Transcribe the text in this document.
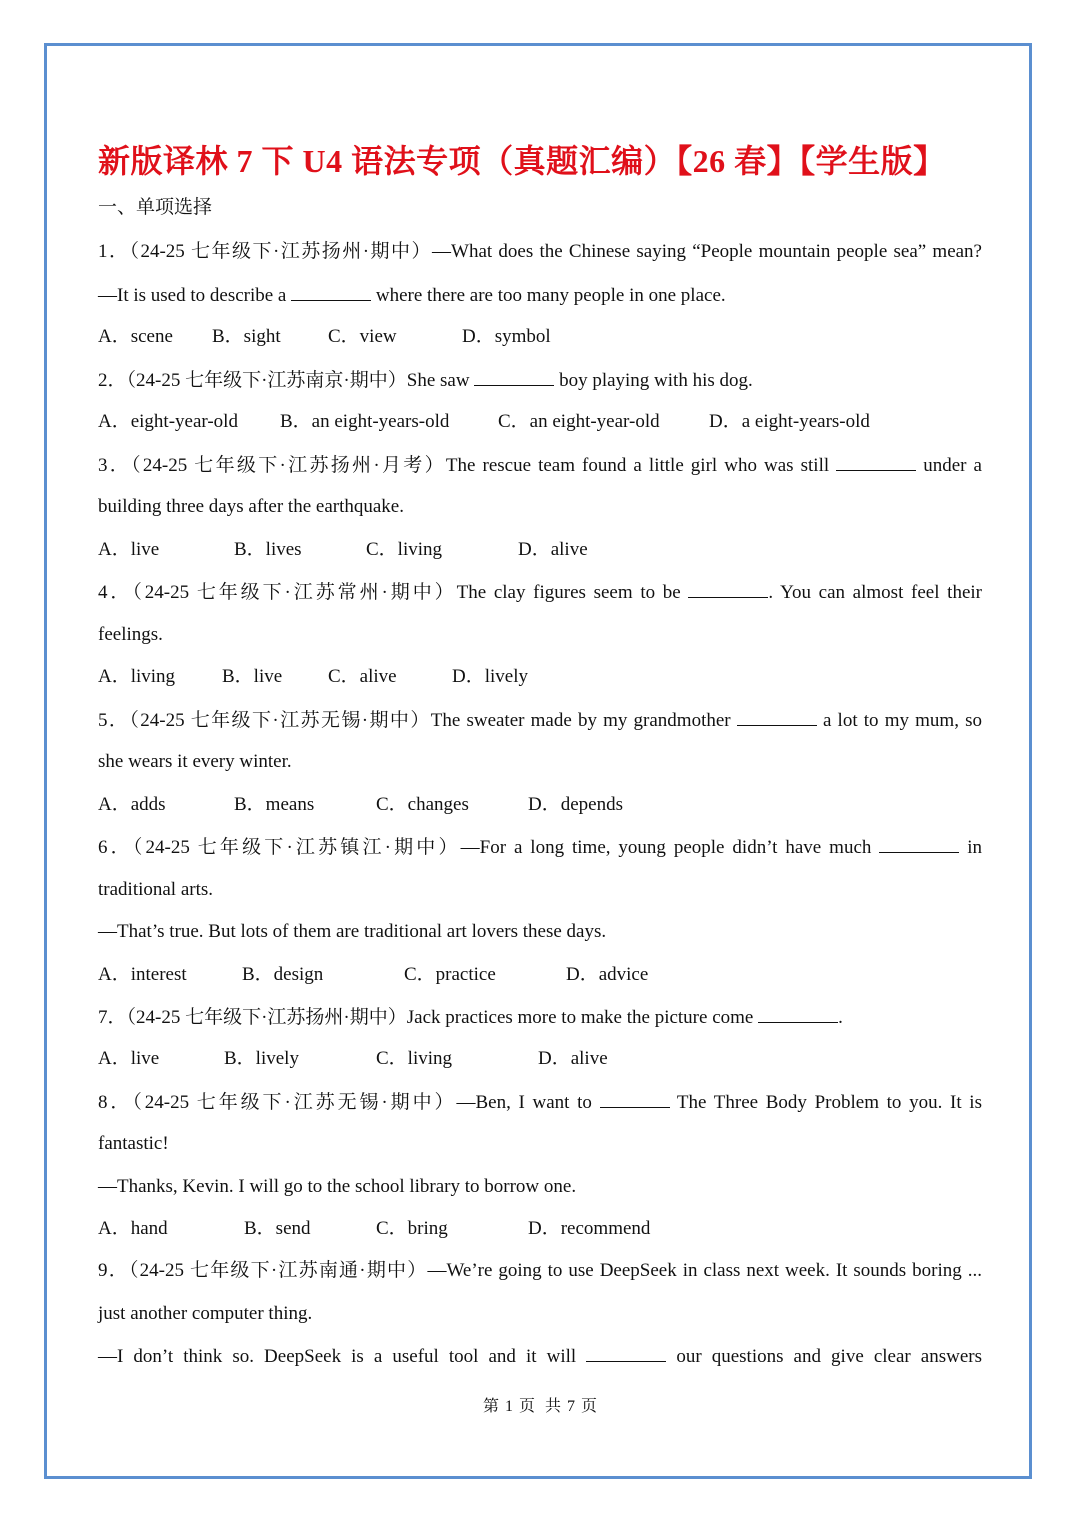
新版译林 7 下 U4 语法专项（真题汇编）【26 春】【学生版】
一、单项选择
1．（24-25 七年级下·江苏扬州·期中）—What does the Chinese saying “People mountain people sea” mean?
—It is used to describe a	where there are too many people in one place.
A．scene B．sight C．view	D．symbol
2．（24-25 七年级下·江苏南京·期中）She saw	boy playing with his dog.
A．eight-year-old B．an eight-years-old	C．an eight-year-old	D．a eight-years-old
3．（24-25 七年级下·江苏扬州·月考）The rescue team found a little girl who was still	under a
building three days after the earthquake.
A．live	B．lives	C．living	D．alive
4．（24-25 七年级下·江苏常州·期中）The clay figures seem to be	. You can almost feel their
feelings.
A．living B．live C．alive	D．lively
5．（24-25 七年级下·江苏无锡·期中）The sweater made by my grandmother	a lot to my mum, so
she wears it every winter.
A．adds	B．means	C．changes	D．depends
6．（24-25 七年级下·江苏镇江·期中）—For a long time, young people didn’t have much	in
traditional arts.
—That’s true. But lots of them are traditional art lovers these days.
A．interest	B．design	C．practice	D．advice
7．（24-25 七年级下·江苏扬州·期中）Jack practices more to make the picture come	.
A．live	B．lively	C．living	D．alive
8．（24-25 七年级下·江苏无锡·期中）—Ben, I want to	The Three Body Problem to you. It is
fantastic!
—Thanks, Kevin. I will go to the school library to borrow one.
A．hand	B．send	C．bring	D．recommend
9．（24-25 七年级下·江苏南通·期中）—We’re going to use DeepSeek in class next week. It sounds boring ...
just another computer thing.
—I don’t think so. DeepSeek is a useful tool and it will	our questions and give clear answers
第 1 页 共 7 页
